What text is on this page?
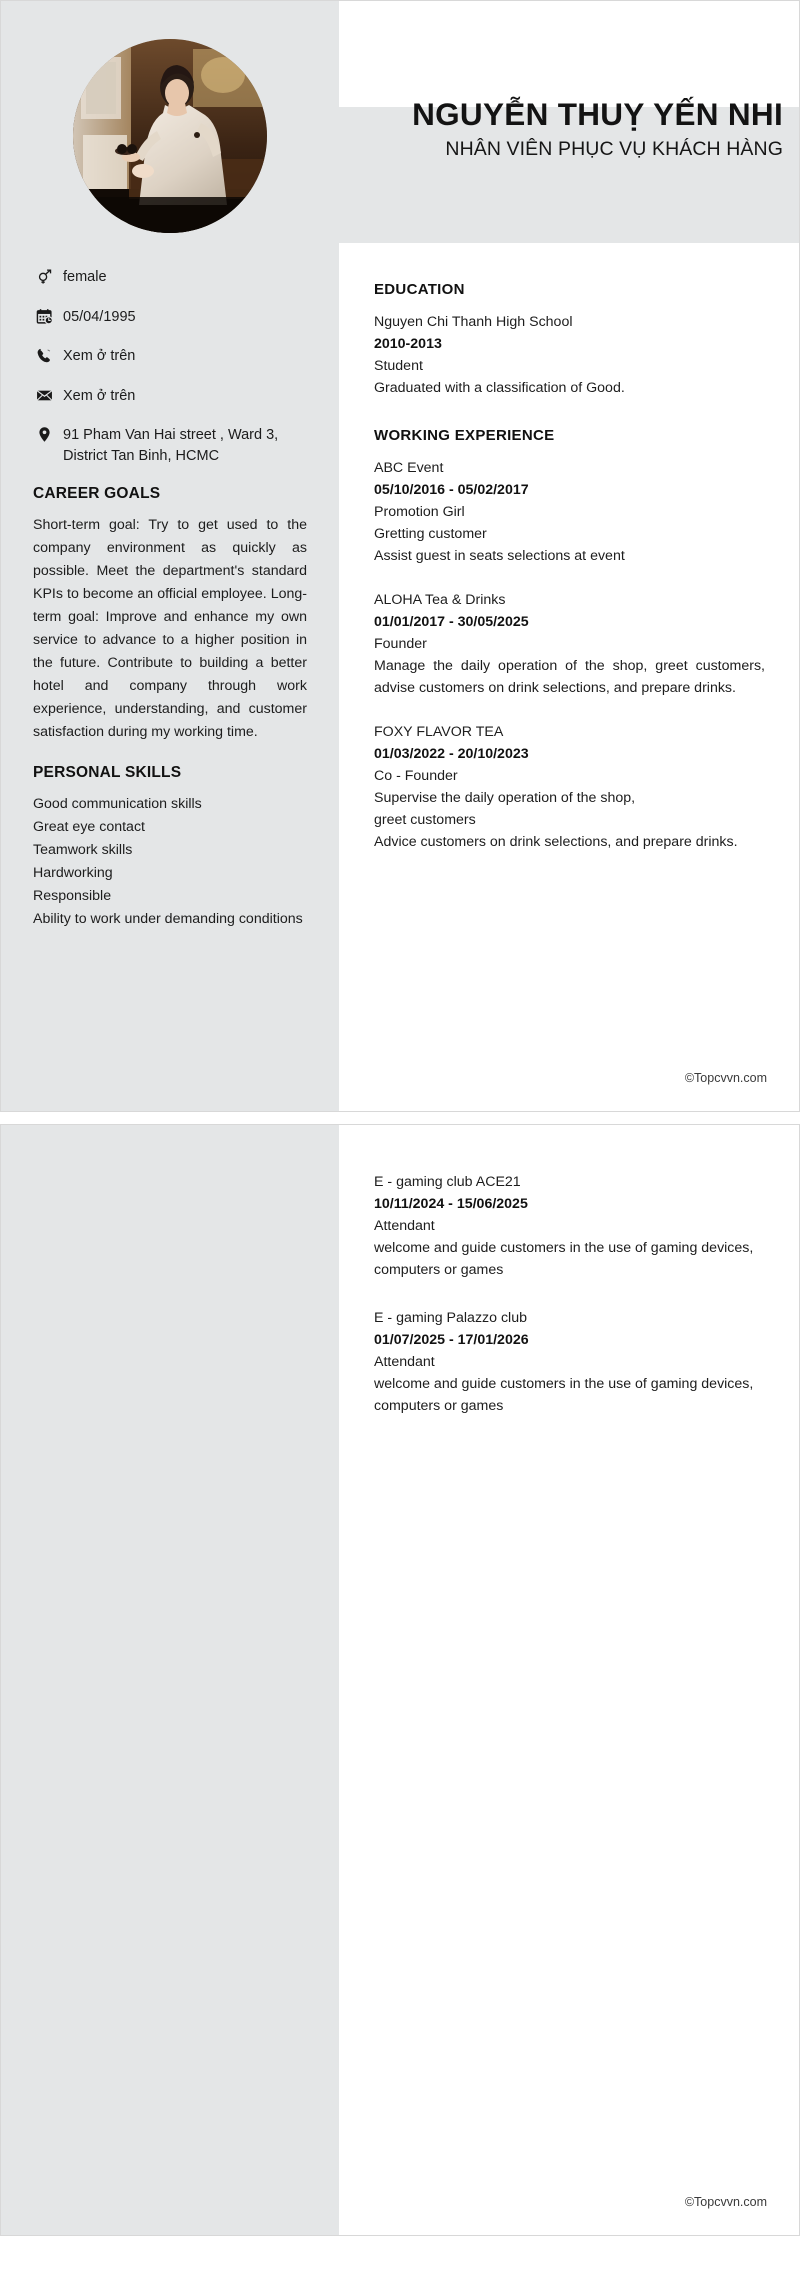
female
05/04/1995
Xem ở trên
Xem ở trên
91 Pham Van Hai street , Ward 3, District Tan Binh, HCMC
CAREER GOALS
Short-term goal: Try to get used to the company environment as quickly as possible. Meet the department's standard KPIs to become an official employee. Long-term goal: Improve and enhance my own service to advance to a higher position in the future. Contribute to building a better hotel and company through work experience, understanding, and customer satisfaction during my working time.
PERSONAL SKILLS
Good communication skills
Great eye contact
Teamwork skills
Hardworking
Responsible
Ability to work under demanding conditions
NGUYỄN THUỴ YẾN NHI
NHÂN VIÊN PHỤC VỤ KHÁCH HÀNG
EDUCATION
Nguyen Chi Thanh High School
2010-2013
Student
Graduated with a classification of Good.
WORKING EXPERIENCE
ABC Event
05/10/2016 - 05/02/2017
Promotion Girl
Gretting customer
Assist guest in seats selections at event
ALOHA Tea & Drinks
01/01/2017 - 30/05/2025
Founder
Manage the daily operation of the shop, greet customers, advise customers on drink selections, and prepare drinks.
FOXY FLAVOR TEA
01/03/2022 - 20/10/2023
Co - Founder
Supervise the daily operation of the shop,
greet customers
Advice customers on drink selections, and prepare drinks.
©Topcvvn.com
E - gaming club ACE21
10/11/2024 - 15/06/2025
Attendant
welcome and guide customers in the use of gaming devices, computers or games
E - gaming Palazzo club
01/07/2025 - 17/01/2026
Attendant
welcome and guide customers in the use of gaming devices, computers or games
©Topcvvn.com
